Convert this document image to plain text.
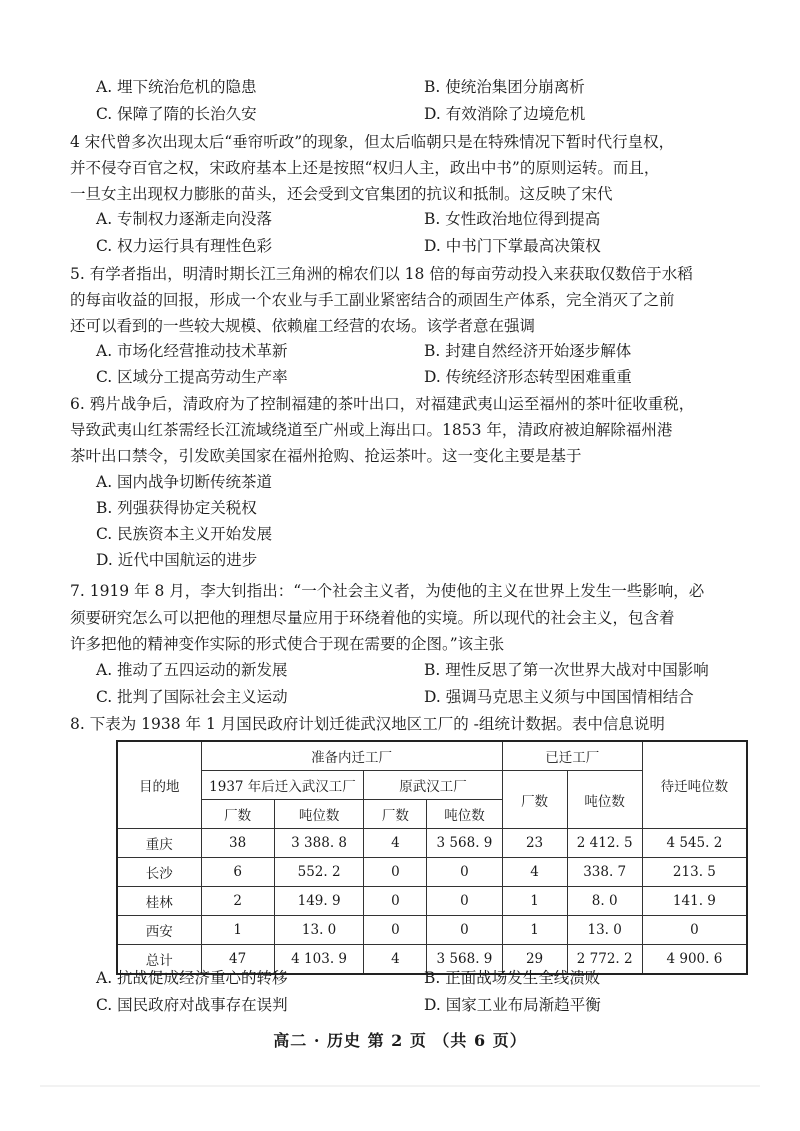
A. 埋下统治危机的隐患	B. 使统治集团分崩离析
C. 保障了隋的长治久安	D. 有效消除了边境危机
4 宋代曾多次出现太后“垂帘听政”的现象，但太后临朝只是在特殊情况下暂时代行皇权，
并不侵夺百官之权，宋政府基本上还是按照“权归人主，政出中书”的原则运转。而且，
一旦女主出现权力膨胀的苗头，还会受到文官集团的抗议和抵制。这反映了宋代
A. 专制权力逐渐走向没落	B. 女性政治地位得到提高
C. 权力运行具有理性色彩	D. 中书门下掌最高决策权
5. 有学者指出，明清时期长江三角洲的棉农们以 18 倍的每亩劳动投入来获取仅数倍于水稻
的每亩收益的回报，形成一个农业与手工副业紧密结合的顽固生产体系，完全消灭了之前
还可以看到的一些较大规模、依赖雇工经营的农场。该学者意在强调
A. 市场化经营推动技术革新	B. 封建自然经济开始逐步解体
C. 区域分工提高劳动生产率	D. 传统经济形态转型困难重重
6. 鸦片战争后，清政府为了控制福建的茶叶出口，对福建武夷山运至福州的茶叶征收重税，
导致武夷山红茶需经长江流域绕道至广州或上海出口。1853 年，清政府被迫解除福州港
茶叶出口禁令，引发欧美国家在福州抢购、抢运茶叶。这一变化主要是基于
A. 国内战争切断传统茶道
B. 列强获得协定关税权
C. 民族资本主义开始发展
D. 近代中国航运的进步
7. 1919 年 8 月，李大钊指出：“一个社会主义者，为使他的主义在世界上发生一些影响，必
须要研究怎么可以把他的理想尽量应用于环绕着他的实境。所以现代的社会主义，包含着
许多把他的精神变作实际的形式使合于现在需要的企图。”该主张
A. 推动了五四运动的新发展	B. 理性反思了第一次世界大战对中国影响
C. 批判了国际社会主义运动	D. 强调马克思主义须与中国国情相结合
8. 下表为 1938 年 1 月国民政府计划迁徙武汉地区工厂的 -组统计数据。表中信息说明
目的地	准备内迁工厂				已迁工厂		待迁吨位数
	1937 年后迁入武汉工厂		原武汉工厂		厂数	吨位数	
	厂数	吨位数	厂数	吨位数			
重庆	38	3 388. 8	4	3 568. 9	23	2 412. 5	4 545. 2
长沙	6	552. 2	0	0	4	338. 7	213. 5
桂林	2	149. 9	0	0	1	8. 0	141. 9
西安	1	13. 0	0	0	1	13. 0	0
总计	47	4 103. 9	4	3 568. 9	29	2 772. 2	4 900. 6
A. 抗战促成经济重心的转移	B. 正面战场发生全线溃败
C. 国民政府对战事存在误判	D. 国家工业布局渐趋平衡
高二 · 历史 第 2 页 （共 6 页）
